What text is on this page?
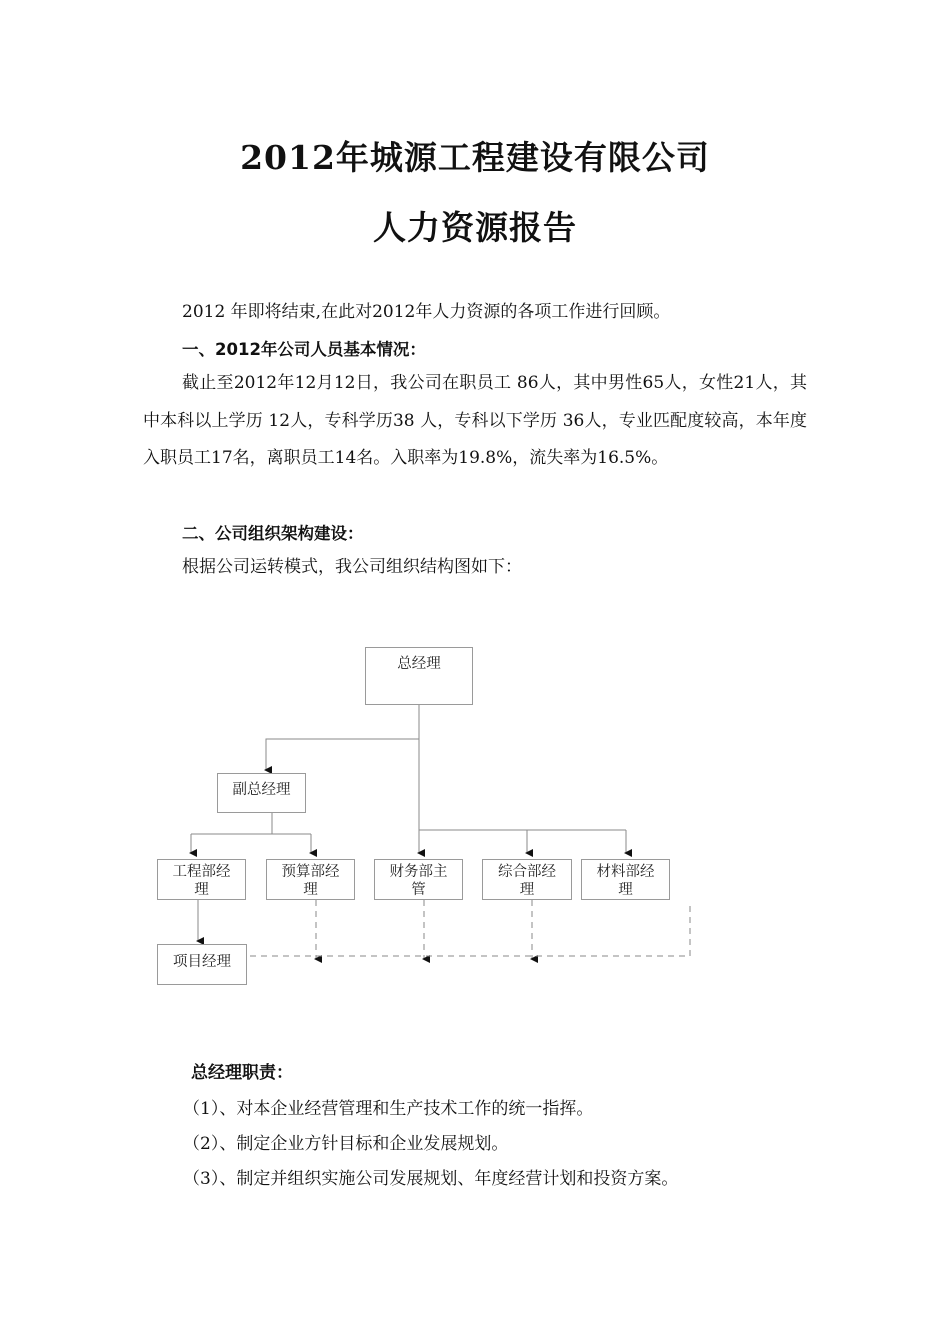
2012年城源工程建设有限公司
人力资源报告
2012 年即将结束,在此对2012年人力资源的各项工作进行回顾。
一、2012年公司人员基本情况：
截止至2012年12月12日，我公司在职员工 86人，其中男性65人，女性21人，其中本科以上学历 12人，专科学历38 人，专科以下学历 36人，专业匹配度较高，本年度入职员工17名，离职员工14名。入职率为19.8%，流失率为16.5%。
二、公司组织架构建设：
根据公司运转模式，我公司组织结构图如下：
总经理
副总经理
工程部经理
预算部经理
财务部主管
综合部经理
材料部经理
项目经理
总经理职责：
（1）、对本企业经营管理和生产技术工作的统一指挥。
（2）、制定企业方针目标和企业发展规划。
（3）、制定并组织实施公司发展规划、年度经营计划和投资方案。
